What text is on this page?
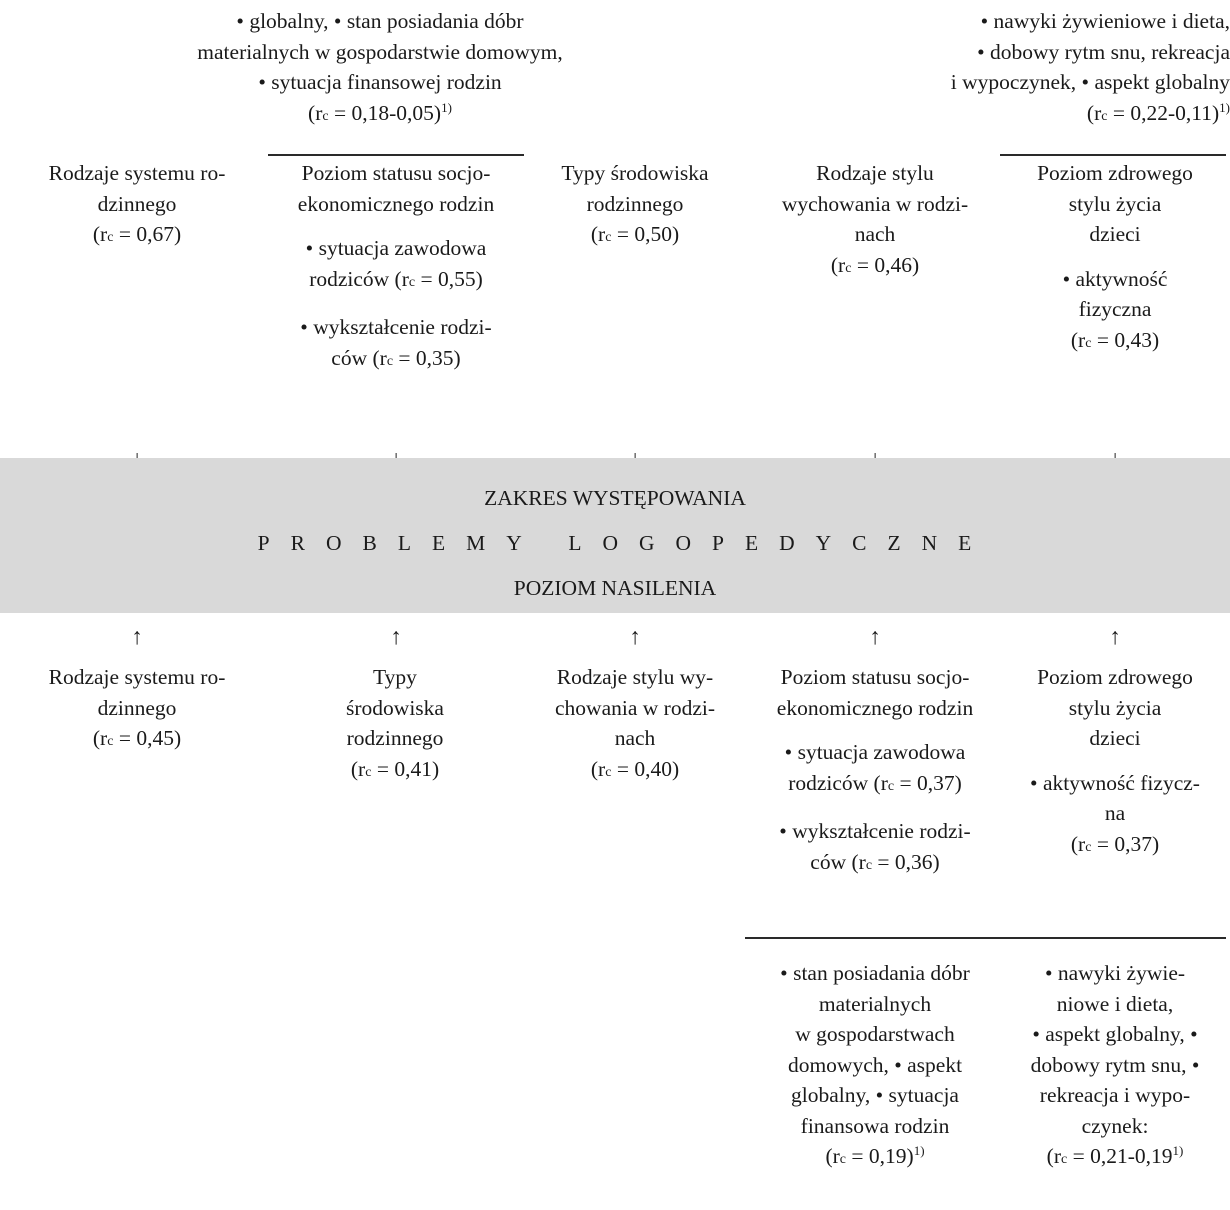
• globalny, • stan posiadania dóbr
materialnych w gospodarstwie domowym,
• sytuacja finansowej rodzin
(rc = 0,18-0,05)$^{1)}$
• nawyki żywieniowe i dieta,
• dobowy rytm snu, rekreacja
i wypoczynek, • aspekt globalny
(rc = 0,22-0,11)$^{1)}$
Rodzaje systemu ro-
dzinnego
(rc = 0,67)
Poziom statusu socjo-
ekonomicznego rodzin
• sytuacja zawodowa
rodziców (rc = 0,55)
• wykształcenie rodzi-
ców (rc = 0,35)
Typy środowiska
rodzinnego
(rc = 0,50)
Rodzaje stylu
wychowania w rodzi-
nach
(rc = 0,46)
Poziom zdrowego
stylu życia
dzieci
• aktywność
fizyczna
(rc = 0,43)
ZAKRES WYSTĘPOWANIA
PROBLEMY LOGOPEDYCZNE
POZIOM NASILENIA
↑	↑	↑	↑	↑
Rodzaje systemu ro-
dzinnego
(rc = 0,45)
Typy
środowiska
rodzinnego
(rc = 0,41)
Rodzaje stylu wy-
chowania w rodzi-
nach
(rc = 0,40)
Poziom statusu socjo-
ekonomicznego rodzin
• sytuacja zawodowa
rodziców (rc = 0,37)
• wykształcenie rodzi-
ców (rc = 0,36)
Poziom zdrowego
stylu życia
dzieci
• aktywność fizycz-
na
(rc = 0,37)
• stan posiadania dóbr
materialnych
w gospodarstwach
domowych, • aspekt
globalny, • sytuacja
finansowa rodzin
(rc = 0,19)$^{1)}$
• nawyki żywie-
niowe i dieta,
• aspekt globalny, •
dobowy rytm snu, •
rekreacja i wypo-
czynek:
($rc = 0,21-0,19^{1)}$
